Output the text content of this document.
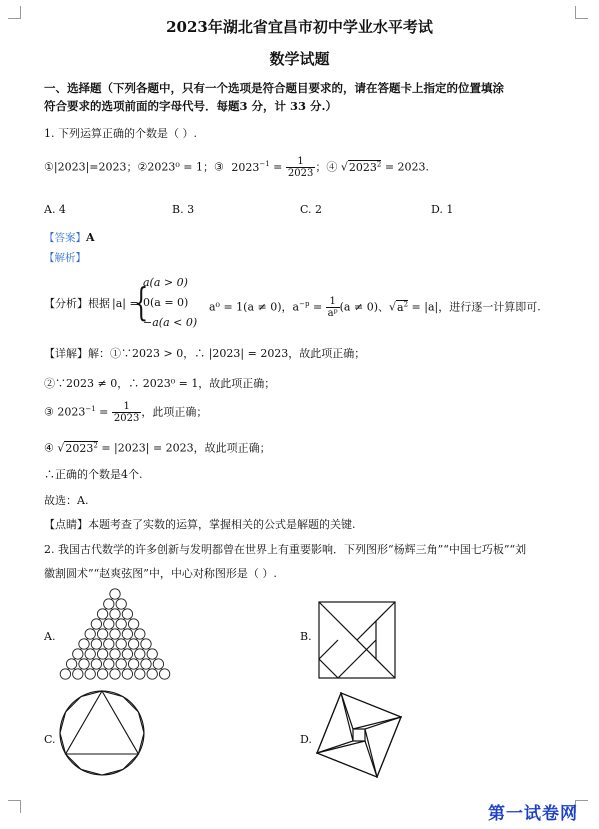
2023年湖北省宜昌市初中学业水平考试
数学试题
一、选择题（下列各题中，只有一个选项是符合题目要求的，请在答题卡上指定的位置填涂
符合要求的选项前面的字母代号．每题3 分，计 33 分.）
1. 下列运算正确的个数是（ ）.
①|2023|=2023；②2023⁰ = 1；③ $2023^{-1} = \frac{1}{2023}$ ；④ $√2023^2 = 2023$.
A. 4	B. 3	C. 2	D. 1
【答案】A
【解析】
【分析】根据 |a| =
{
a(a > 0)
0(a = 0)
−a(a < 0)
a⁰ = 1(a ≠ 0)，$a^{-p} = \frac{1}{\text{aᵖ}} (a \ne 0)$、$√a^2 = |a|$，进行逐一计算即可.
【详解】解：①∵2023 > 0，∴ |2023| = 2023，故此项正确；
②∵2023 ≠ 0，∴ 2023⁰ = 1，故此项正确；
③ $2023^{-1} = \frac{1}{2023}$ ，此项正确；
④ $√2023^2 = |2023| = 2023$，故此项正确；
∴正确的个数是4个.
故选：A.
【点睛】本题考查了实数的运算，掌握相关的公式是解题的关键.
2. 我国古代数学的许多创新与发明都曾在世界上有重要影响．下列图形“杨辉三角”“中国七巧板”“刘
徽割圆术”“赵爽弦图”中，中心对称图形是（ ）.
A.	B.
C.	D.
第一试卷网
